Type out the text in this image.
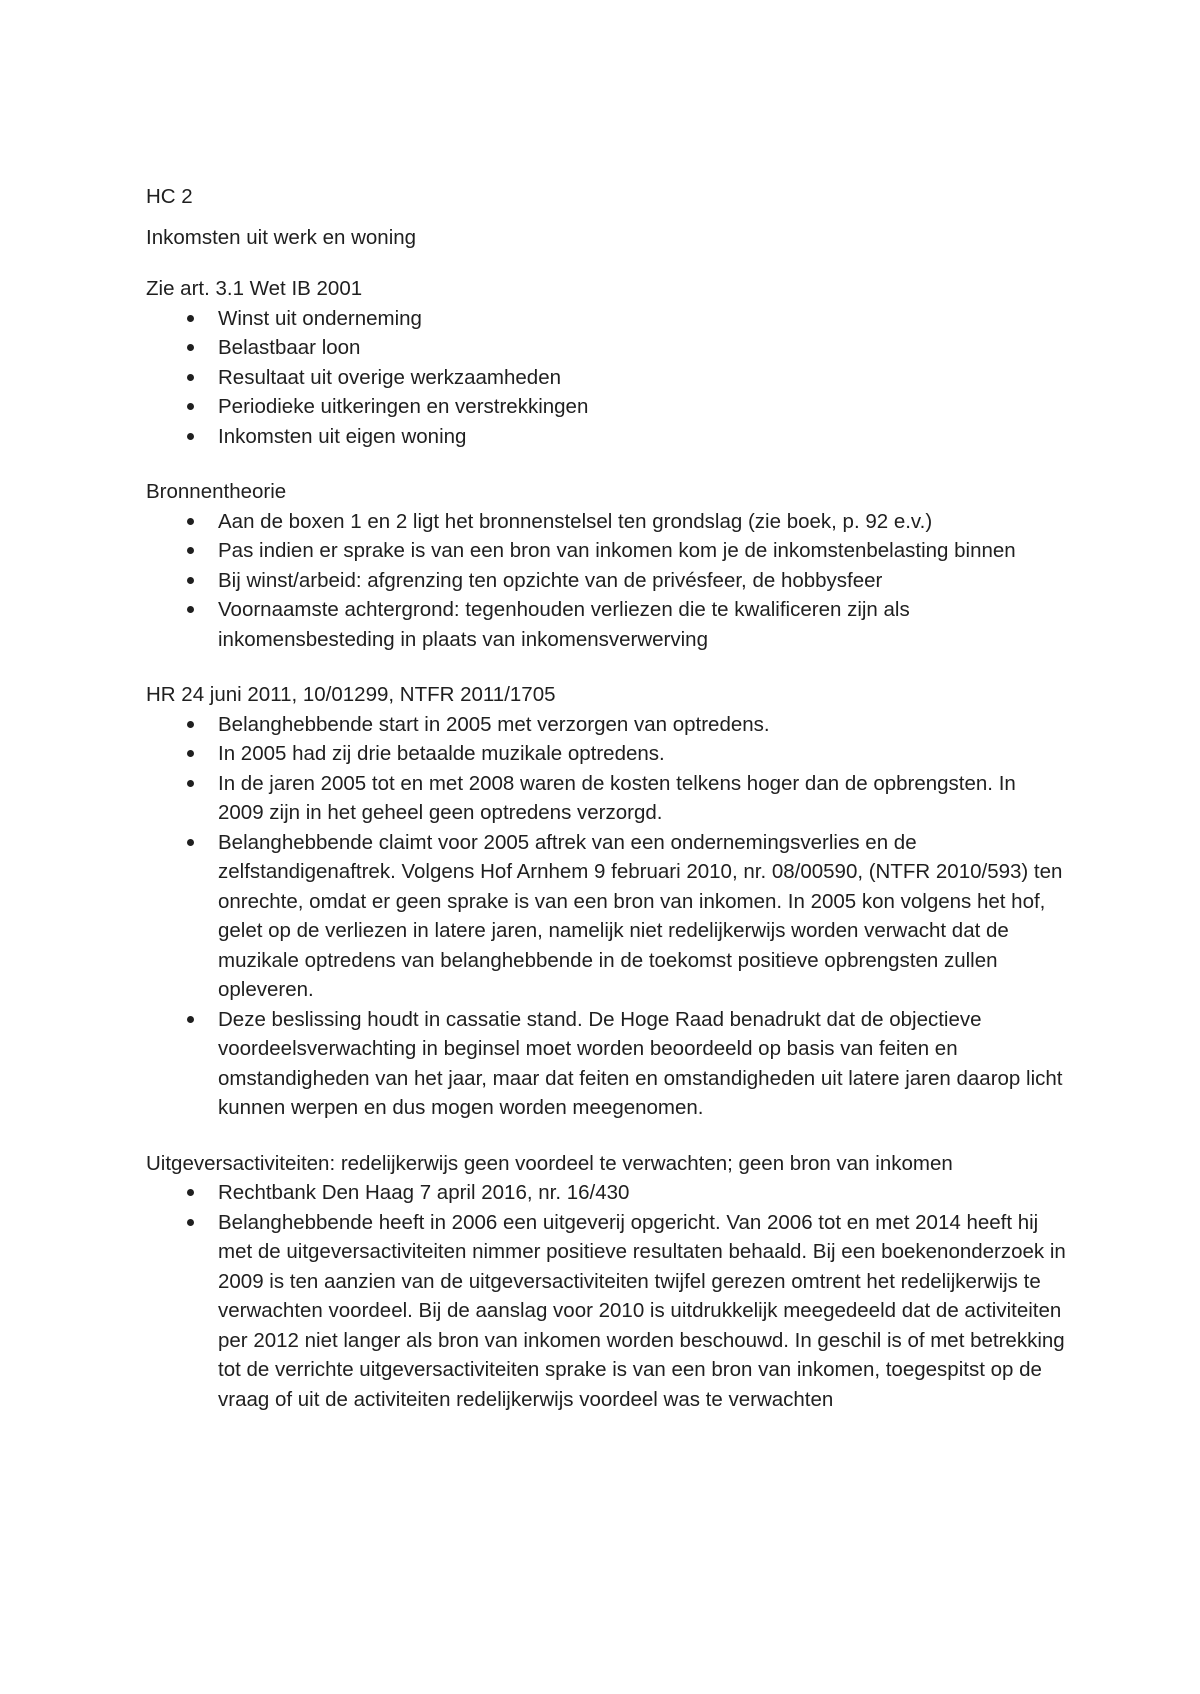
HC 2

Inkomsten uit werk en woning

Zie art. 3.1 Wet IB 2001

Winst uit onderneming
Belastbaar loon
Resultaat uit overige werkzaamheden
Periodieke uitkeringen en verstrekkingen
Inkomsten uit eigen woning

Bronnentheorie

Aan de boxen 1 en 2 ligt het bronnenstelsel ten grondslag (zie boek, p. 92 e.v.)
Pas indien er sprake is van een bron van inkomen kom je de inkomstenbelasting binnen
Bij winst/arbeid: afgrenzing ten opzichte van de privésfeer, de hobbysfeer
Voornaamste achtergrond: tegenhouden verliezen die te kwalificeren zijn als inkomensbesteding in plaats van inkomensverwerving

HR 24 juni 2011, 10/01299, NTFR 2011/1705

Belanghebbende start in 2005 met verzorgen van optredens.
In 2005 had zij drie betaalde muzikale optredens.
In de jaren 2005 tot en met 2008 waren de kosten telkens hoger dan de opbrengsten. In 2009 zijn in het geheel geen optredens verzorgd.
Belanghebbende claimt voor 2005 aftrek van een ondernemingsverlies en de zelfstandigenaftrek. Volgens Hof Arnhem 9 februari 2010, nr. 08/00590, (NTFR 2010/593) ten onrechte, omdat er geen sprake is van een bron van inkomen. In 2005 kon volgens het hof, gelet op de verliezen in latere jaren, namelijk niet redelijkerwijs worden verwacht dat de muzikale optredens van belanghebbende in de toekomst positieve opbrengsten zullen opleveren.
Deze beslissing houdt in cassatie stand. De Hoge Raad benadrukt dat de objectieve voordeelsverwachting in beginsel moet worden beoordeeld op basis van feiten en omstandigheden van het jaar, maar dat feiten en omstandigheden uit latere jaren daarop licht kunnen werpen en dus mogen worden meegenomen.

Uitgeversactiviteiten: redelijkerwijs geen voordeel te verwachten; geen bron van inkomen

Rechtbank Den Haag 7 april 2016, nr. 16/430
Belanghebbende heeft in 2006 een uitgeverij opgericht. Van 2006 tot en met 2014 heeft hij met de uitgeversactiviteiten nimmer positieve resultaten behaald. Bij een boekenonderzoek in 2009 is ten aanzien van de uitgeversactiviteiten twijfel gerezen omtrent het redelijkerwijs te verwachten voordeel. Bij de aanslag voor 2010 is uitdrukkelijk meegedeeld dat de activiteiten per 2012 niet langer als bron van inkomen worden beschouwd. In geschil is of met betrekking tot de verrichte uitgeversactiviteiten sprake is van een bron van inkomen, toegespitst op de vraag of uit de activiteiten redelijkerwijs voordeel was te verwachten
